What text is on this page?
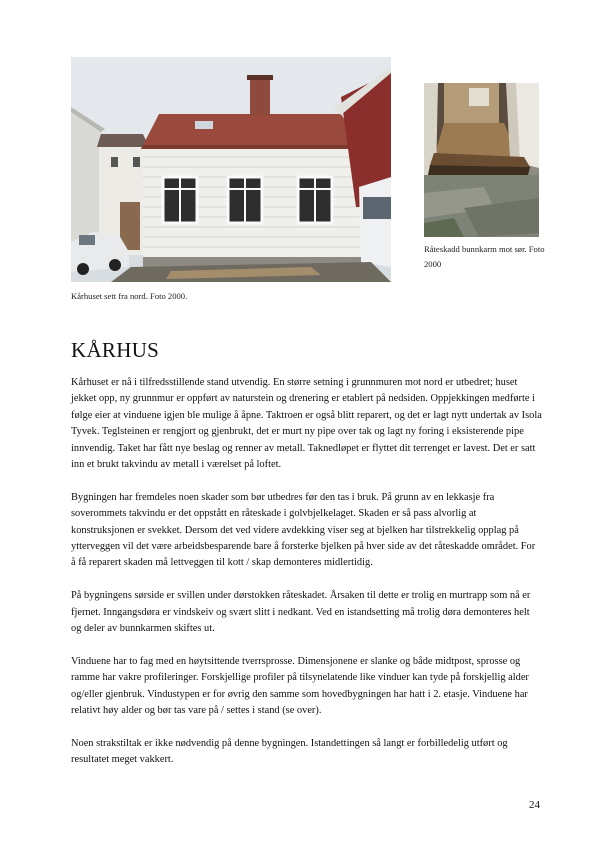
Kårhuset sett fra nord. Foto 2000.
Råteskadd bunnkarm mot sør. Foto 2000
KÅRHUS

Kårhuset er nå i tilfredsstillende stand utvendig. En større setning i grunnmuren mot nord er utbedret; huset jekket opp, ny grunnmur er oppført av naturstein og drenering er etablert på nedsiden. Oppjekkingen medførte i følge eier at vinduene igjen ble mulige å åpne. Taktroen er også blitt reparert, og det er lagt nytt undertak av Isola Tyvek. Teglsteinen er rengjort og gjenbrukt, det er murt ny pipe over tak og lagt ny foring i eksisterende pipe innvendig. Taket har fått nye beslag og renner av metall. Taknedløpet er flyttet dit terrenget er lavest. Det er satt inn et brukt takvindu av metall i værelset på loftet.

Bygningen har fremdeles noen skader som bør utbedres før den tas i bruk. På grunn av en lekkasje fra soverommets takvindu er det oppstått en råteskade i golvbjelkelaget. Skaden er så pass alvorlig at konstruksjonen er svekket. Dersom det ved videre avdekking viser seg at bjelken har tilstrekkelig opplag på ytterveggen vil det være arbeidsbesparende bare å forsterke bjelken på hver side av det råteskadde området. For å få reparert skaden må lettveggen til kott / skap demonteres midlertidig.

På bygningens sørside er svillen under dørstokken råteskadet. Årsaken til dette er trolig en murtrapp som nå er fjernet. Inngangsdøra er vindskeiv og svært slitt i nedkant. Ved en istandsetting må trolig døra demonteres helt og deler av bunnkarmen skiftes ut.

Vinduene har to fag med en høytsittende tverrsprosse. Dimensjonene er slanke og både midtpost, sprosse og ramme har vakre profileringer. Forskjellige profiler på tilsynelatende like vinduer kan tyde på forskjellig alder og/eller gjenbruk. Vindustypen er for øvrig den samme som hovedbygningen har hatt i 2. etasje. Vinduene har relativt høy alder og bør tas vare på / settes i stand (se over).

Noen strakstiltak er ikke nødvendig på denne bygningen. Istandettingen så langt er forbilledelig utført og resultatet meget vakkert.

24
